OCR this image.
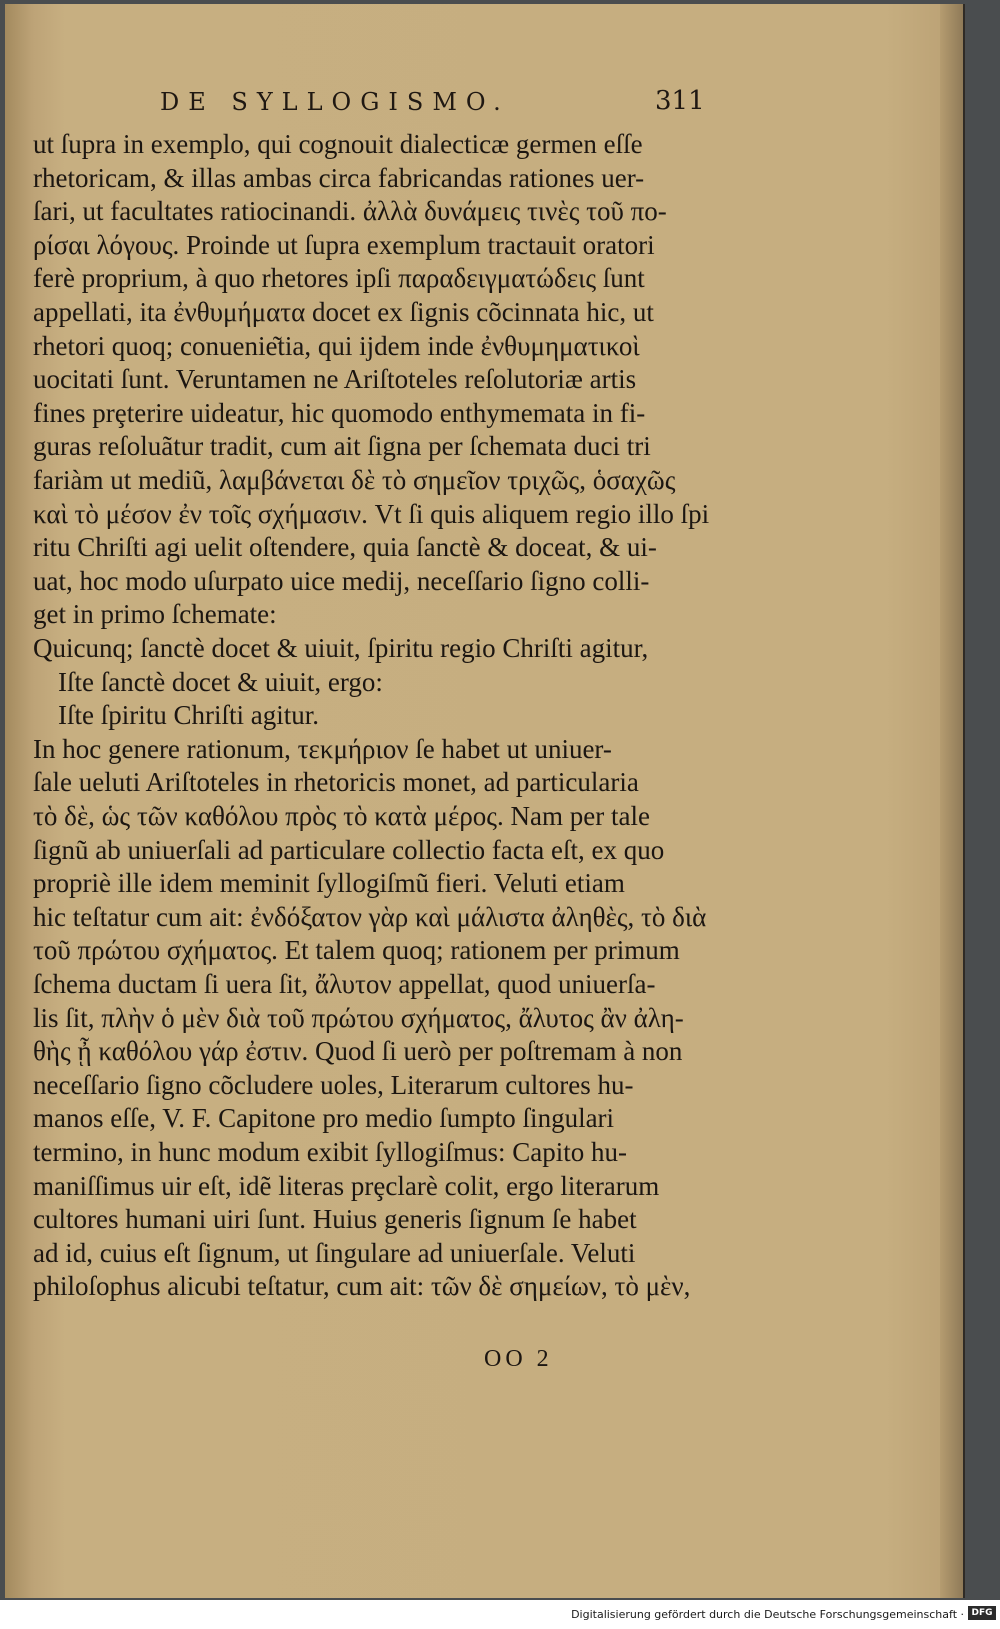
DE SYLLOGISMO.	311
ut ſupra in exemplo, qui cognouit dialecticæ germen eſſe
rhetoricam, & illas ambas circa fabricandas rationes uer-
ſari, ut facultates ratiocinandi. ἀλλὰ δυνάμεις τινὲς τοῦ πο-
ρίσαι λόγους. Proinde ut ſupra exemplum tractauit oratori
ferè proprium, à quo rhetores ipſi παραδειγματώδεις ſunt
appellati, ita ἐνθυμήματα docet ex ſignis cõcinnata hic, ut
rhetori quoq; conuenie͂tia, qui ijdem inde ἐνθυμηματικοὶ
uocitati ſunt. Veruntamen ne Ariſtoteles reſolutoriæ artis
fines prȩterire uideatur, hic quomodo enthymemata in fi-
guras reſoluãtur tradit, cum ait ſigna per ſchemata duci tri
fariàm ut mediũ, λαμβάνεται δὲ τὸ σημεῖον τριχῶς, ὁσαχῶς
καὶ τὸ μέσον ἐν τοῖς σχήμασιν. Vt ſi quis aliquem regio illo ſpi
ritu Chriſti agi uelit oſtendere, quia ſanctè & doceat, & ui-
uat, hoc modo uſurpato uice medij, neceſſario ſigno colli-
get in primo ſchemate:
Quicunq; ſanctè docet & uiuit, ſpiritu regio Chriſti agitur,
Iſte ſanctè docet & uiuit, ergo:
Iſte ſpiritu Chriſti agitur.
In hoc genere rationum, τεκμήριον ſe habet ut uniuer-
ſale ueluti Ariſtoteles in rhetoricis monet, ad particularia
τὸ δὲ, ὡς τῶν καθόλου πρὸς τὸ κατὰ μέρος. Nam per tale
ſignũ ab uniuerſali ad particulare collectio facta eſt, ex quo
propriè ille idem meminit ſyllogiſmũ fieri. Veluti etiam
hic teſtatur cum ait: ἐνδόξατον γὰρ καὶ μάλιστα ἀληθὲς, τὸ διὰ
τοῦ πρώτου σχήματος. Et talem quoq; rationem per primum
ſchema ductam ſi uera ſit, ἄλυτον appellat, quod uniuerſa-
lis ſit, πλὴν ὁ μὲν διὰ τοῦ πρώτου σχήματος, ἄλυτος ἂν ἀλη-
θὴς ᾖ καθόλου γάρ ἐστιν. Quod ſi uerò per poſtremam à non
neceſſario ſigno cõcludere uoles, Literarum cultores hu-
manos eſſe, V. F. Capitone pro medio ſumpto ſingulari
termino, in hunc modum exibit ſyllogiſmus: Capito hu-
maniſſimus uir eſt, idẽ literas prȩclarè colit, ergo literarum
cultores humani uiri ſunt. Huius generis ſignum ſe habet
ad id, cuius eſt ſignum, ut ſingulare ad uniuerſale. Veluti
philoſophus alicubi teſtatur, cum ait: τῶν δὲ σημείων, τὸ μὲν,
OO 2
Digitalisierung gefördert durch die Deutsche Forschungsgemeinschaft · DFG
